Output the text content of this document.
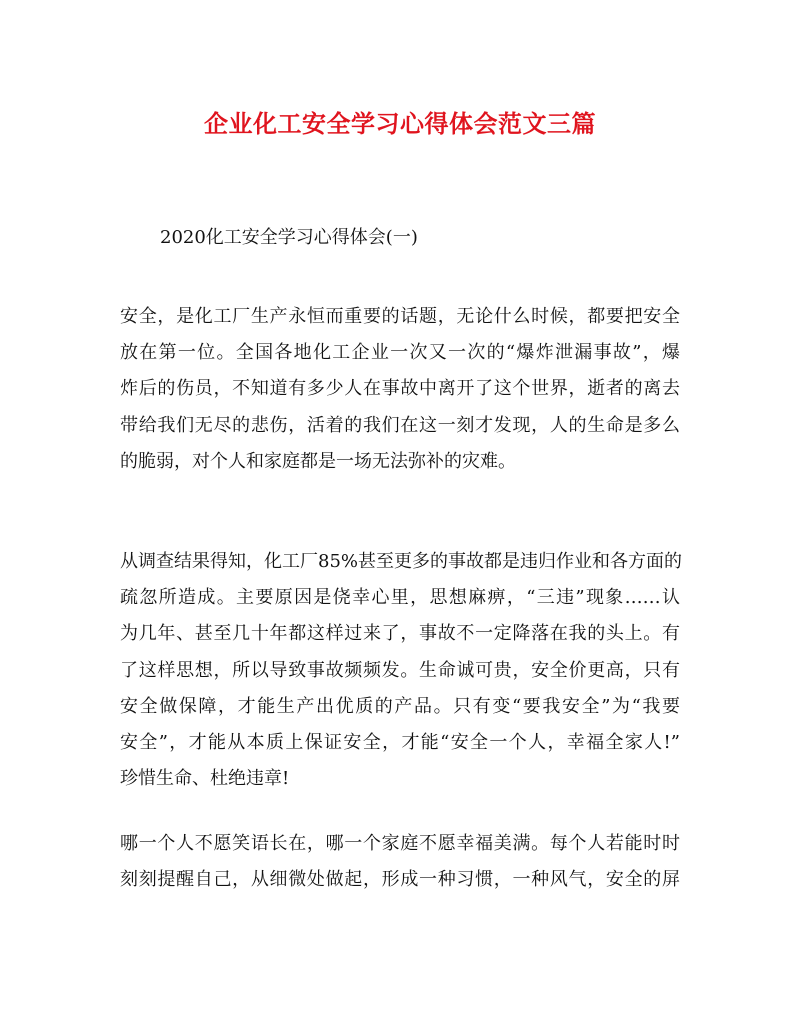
企业化工安全学习心得体会范文三篇

2020化工安全学习心得体会(一)

安全，是化工厂生产永恒而重要的话题，无论什么时候，都要把安全
放在第一位。全国各地化工企业一次又一次的“爆炸泄漏事故”，爆
炸后的伤员，不知道有多少人在事故中离开了这个世界，逝者的离去
带给我们无尽的悲伤，活着的我们在这一刻才发现，人的生命是多么
的脆弱，对个人和家庭都是一场无法弥补的灾难。
从调查结果得知，化工厂85%甚至更多的事故都是违归作业和各方面的
疏忽所造成。主要原因是侥幸心里，思想麻痹，“三违”现象……认
为几年、甚至几十年都这样过来了，事故不一定降落在我的头上。有
了这样思想，所以导致事故频频发。生命诚可贵，安全价更高，只有
安全做保障，才能生产出优质的产品。只有变“要我安全”为“我要
安全”，才能从本质上保证安全，才能“安全一个人，幸福全家人!”
珍惜生命、杜绝违章!
哪一个人不愿笑语长在，哪一个家庭不愿幸福美满。每个人若能时时
刻刻提醒自己，从细微处做起，形成一种习惯，一种风气，安全的屏
